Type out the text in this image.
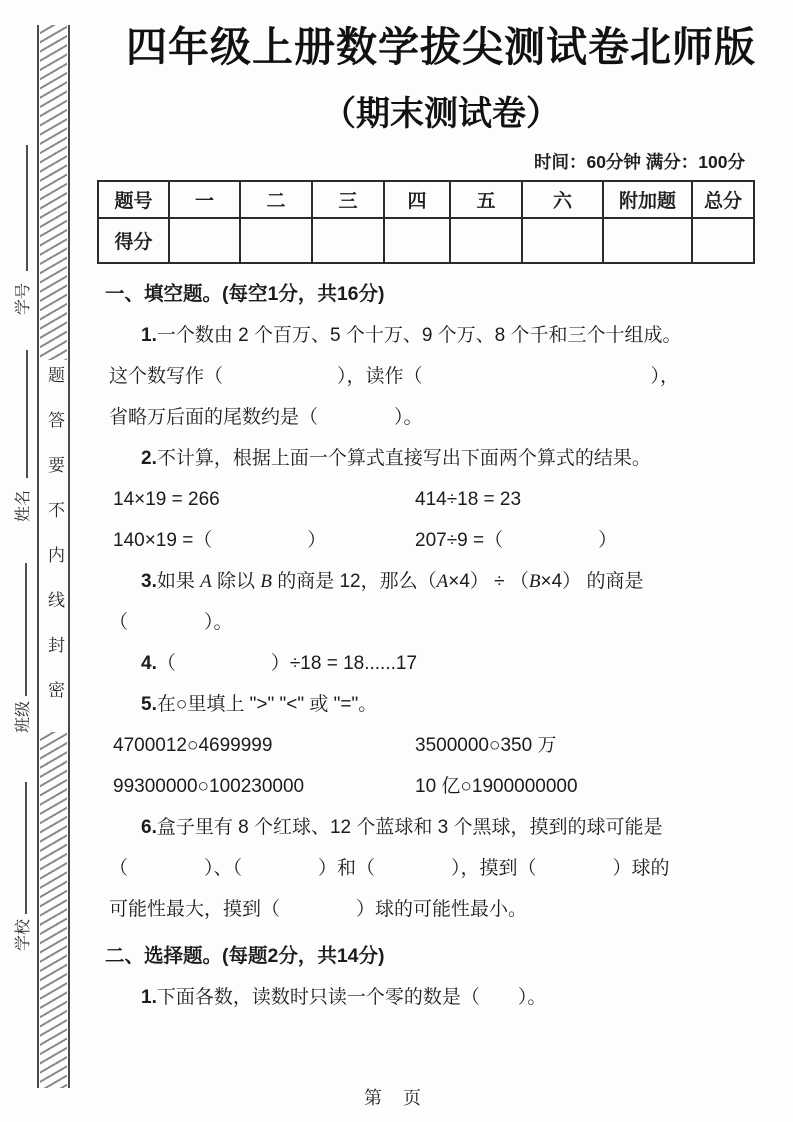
题答要不内线封密
学号
姓名
班级
学校
四年级上册数学拔尖测试卷北师版
（期末测试卷）
时间：60分钟 满分：100分
题号	一	二	三	四	五	六	附加题	总分
得分								
一、填空题。(每空1分，共16分)
1.一个数由 2 个百万、5 个十万、9 个万、8 个千和三个十组成。
这个数写作（　　　　　　），读作（　　　　　　　　　　　　），
省略万后面的尾数约是（　　　　）。
2.不计算，根据上面一个算式直接写出下面两个算式的结果。
14×19 = 266	414÷18 = 23
140×19 =（　　　　　）	207÷9 =（　　　　　）
3.如果 A 除以 B 的商是 12，那么（A×4） ÷ （B×4） 的商是
（　　　　）。
4.（　　　　　）÷18 = 18......17
5.在○里填上 ">" "<" 或 "="。
4700012○4699999	3500000○350 万
99300000○100230000	10 亿○1900000000
6.盒子里有 8 个红球、12 个蓝球和 3 个黑球，摸到的球可能是
（　　　　）、（　　　　）和（　　　　），摸到（　　　　）球的
可能性最大，摸到（　　　　）球的可能性最小。
二、选择题。(每题2分，共14分)
1.下面各数，读数时只读一个零的数是（　　）。
第 页
